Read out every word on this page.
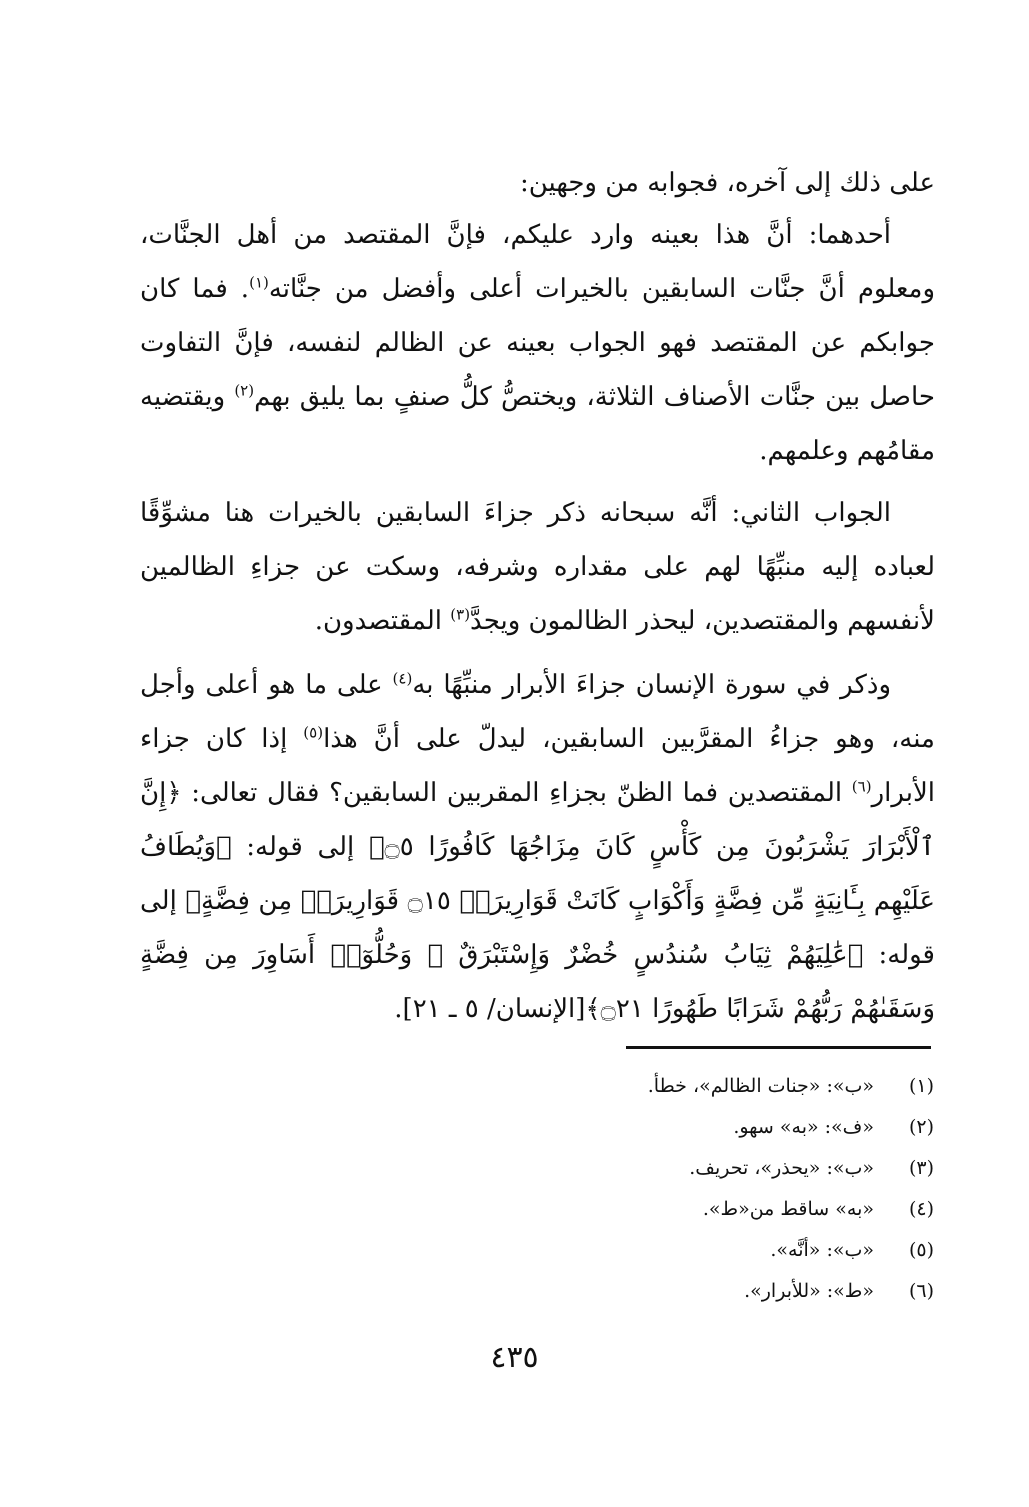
على ذلك إلى آخره، فجوابه من وجهين:

أحدهما: أنَّ هذا بعينه وارد عليكم، فإنَّ المقتصد من أهل الجنَّات، ومعلوم أنَّ جنَّات السابقين بالخيرات أعلى وأفضل من جنَّاته$^{(١)}$. فما كان جوابكم عن المقتصد فهو الجواب بعينه عن الظالم لنفسه، فإنَّ التفاوت حاصل بين جنَّات الأصناف الثلاثة، ويختصُّ كلُّ صنفٍ بما يليق بهم$^{(٢)}$ ويقتضيه مقامُهم وعلمهم.

الجواب الثاني: أنَّه سبحانه ذكر جزاءَ السابقين بالخيرات هنا مشوِّقًا لعباده إليه منبِّهًا لهم على مقداره وشرفه، وسكت عن جزاءِ الظالمين لأنفسهم والمقتصدين، ليحذر الظالمون ويجدَّ$^{(٣)}$ المقتصدون.

وذكر في سورة الإنسان جزاءَ الأبرار منبِّهًا به$^{(٤)}$ على ما هو أعلى وأجل منه، وهو جزاءُ المقرَّبين السابقين، ليدلّ على أنَّ هذا$^{(٥)}$ إذا كان جزاء الأبرار$^{(٦)}$ المقتصدين فما الظنّ بجزاءِ المقربين السابقين؟ فقال تعالى: ﴿إِنَّ ٱلْأَبْرَارَ يَشْرَبُونَ مِن كَأْسٍ كَانَ مِزَاجُهَا كَافُورًا ۝٥﴾ إلى قوله: ﴿وَيُطَافُ عَلَيْهِم بِـَٔانِيَةٍ مِّن فِضَّةٍ وَأَكْوَابٍ كَانَتْ قَوَارِيرَا۠ ۝١٥ قَوَارِيرَا۟ مِن فِضَّةٍ﴾ إلى قوله: ﴿عَٰلِيَهُمْ ثِيَابُ سُندُسٍ خُضْرٌ وَإِسْتَبْرَقٌ ۖ وَحُلُّوٓا۟ أَسَاوِرَ مِن فِضَّةٍ وَسَقَىٰهُمْ رَبُّهُمْ شَرَابًا طَهُورًا ۝٢١﴾[الإنسان/ ٥ ـ ٢١].

(١)
«ب»: «جنات الظالم»، خطأ.
(٢)
«ف»: «به» سهو.
(٣)
«ب»: «يحذر»، تحريف.
(٤)
«به» ساقط من«ط».
(٥)
«ب»: «أنَّه».
(٦)
«ط»: «للأبرار».
٤٣٥
